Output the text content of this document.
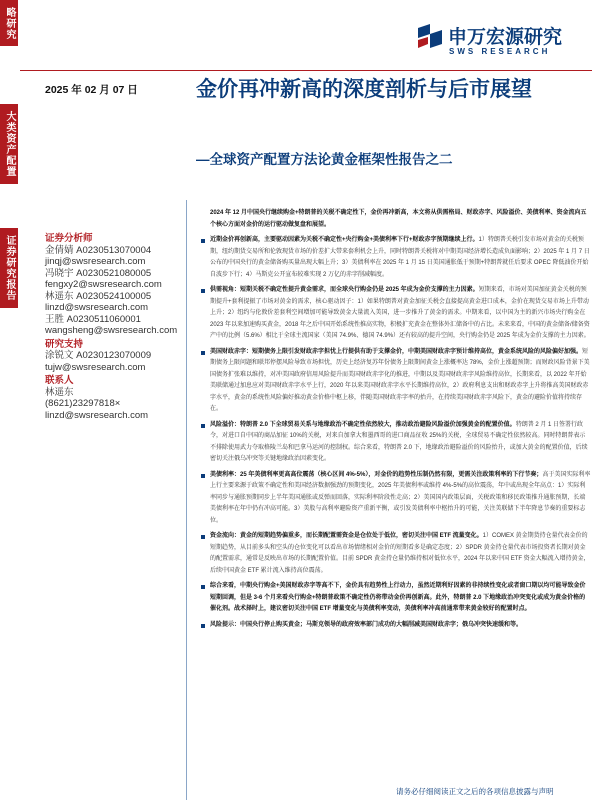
略研究
大类资产配置
证券研究报告
申万宏源研究
SWS RESEARCH
2025 年 02 月 07 日	金价再冲新高的深度剖析与后市展望
—全球资产配置方法论黄金框架性报告之二
证券分析师
金倩婧 A0230513070004
jinqj@swsresearch.com
冯晓宇 A0230521080005
fengxy2@swsresearch.com
林遥东 A0230524100005
linzd@swsresearch.com
王胜 A0230511060001
wangsheng@swsresearch.com
研究支持
涂锐文 A0230123070009
tujw@swsresearch.com
联系人
林遥东
(8621)23297818×
linzd@swsresearch.com

2024 年 12 月中国央行继续购金+特朗普的关税不确定性下，金价再冲新高，本文将从供需格局、财政赤字、风险溢价、美债利率、资金流向五个核心方面对金价的运行驱动做复盘和展望。

近期金价再创新高，主要驱动因素为关税不确定性+央行购金+美债利率下行+财政赤字预期继续上行。1）特朗普关税引发市场对黄金的关税预期，纽约期货交易所和伦敦现货市场的价差扩大带来套利机会上升，同时特朗普关税将对中期美国经济增长造成负面影响；2）2025 年 1 月 7 日公布的中国央行的黄金储备购买量出现大幅上升；3）美债利率在 2025 年 1 月 15 日美国通胀低于预期+特朗普就任后要求 OPEC 降低油价开始自波步下行；4）马斯克公开宣布较难实现 2 万亿的赤字削减幅度。

供需视角：短期关税不确定性提升黄金需求，而全球央行购金仍是 2025 年成为金价支撑的主力因素。短期来看，市场对美国加征黄金关税的预期提升+套利提振了市场对黄金的需求，核心驱动因子：1）如果特朗普对黄金加征关税会直接提高黄金进口成本，金价在现货交易市场上升带动上升；2）纽约与伦敦价差套利空间增加可能导致黄金大量流入美国，进一步推升了黄金的需求。中期来看，以中国为主的新兴市场央行购金在 2023 年以来加速购买黄金，2018 年之后中国开始系统性推高实物，积极扩充黄金在整体外汇储备中的占比。未来来看，中国的黄金储备/储备资产中的比例（5.6%）相比于全球主流国家（美国 74.9%、德国 74.9%）还有较高的提升空间，央行购金仍是 2025 年成为金价支撑的主力因素。

美国财政赤字：短期债务上限引发财政赤字担忧上行提供有助于支撑金价，中期美国财政赤字预计维持高位，黄金系统风险的风险偏好加强。短期债务上限问题和联邦停摆风险导致市场担忧，历史上经济复苏年份债务上限期间黄金上涨概率达 78%，金价上涨超预期；而财政风险背景下美国债务扩张难以维持，对冲美国政府信用风险提升而美国财政赤字化的推进，中期以及美国财政赤字风险维持高位，长期来看，以 2022 年开始美联储通过加息应对美国财政赤字水平上行，2020 年以来美国财政赤字水平长期维持高位，2）政府利息支出和财政赤字上升将推高美国财政赤字水平，黄金的系统性风险偏好推动黄金价格中枢上移，伴随美国财政赤字率的抬升，在持续美国财政赤字风险下，黄金的避险价值将持续存在。

风险溢价：特朗普 2.0 下全球贸易关系与地缘政治不确定性依然较大，推动政治避险风险溢价加强黄金的配置价值。特朗普 2 月 1 日签署行政令，对进口自中国的商品加征 10%的关税，对来自加拿大和墨西哥的进口商品征收 25%的关税，全球贸易不确定性依然较高。同时特朗普表示不排除使用武力夺取格陵兰岛和巴拿马运河的控制权。综合来看，特朗普 2.0 下，地缘政治避险溢价的风险抬升，或加大黄金的配置价值，后续密切关注俄乌冲突等关键地缘政治因素变化。

美债利率：25 年美债利率更高高位震荡（核心区间 4%-5%），对金价的趋势性压制仍然有限，更需关注政策利率的下行节奏；高于美国实际利率上行主要来源于政策不确定性和美国经济数据强劲的预期变化，2025 年美债利率或维持 4%-5%的高位震荡，年中或出现全年高点：1）实际利率同步与通胀预期同步上半年美国通胀或反弹而回落，实际利率阶段性走高；2）美国国内政策层面，关税政策和移民政策推升通胀预期，长端美债利率在年中仍有冲高可能。3）美股与高利率避险资产重新平衡，或引发美债利率中枢抬升的可能，关注美联储下半年降息节奏的重要标志位。

资金流向：黄金的短期趋势偏重多，而长期配置需资金是仓位处于低位，密切关注中国 ETF 流量变化。1）COMEX 黄金期货持仓量代表金价的短期趋势，从目前多头和空头的仓位变化可以看出市场情绪相对金价的短期看多是确定态度；2）SPDR 黄金持仓量代表市场投资者长期对黄金的配置需求，通常是反映出市场的长期配置价值。目前 SPDR 黄金持仓量仍维持相对低位水平，2024 年以来中国 ETF 资金大幅流入增持黄金，后续中国黄金 ETF 累计流入维持高位震荡。

综合来看，中期央行购金+美国财政赤字等高不下，金价具有趋势性上行动力，虽然近期利好因素的非持续性变化或者窗口期以均可能导致金价短期回调，但是 3-6 个月来看央行购金+特朗普政策不确定性仍将带动金价再创新高。此外，特朗普 2.0 下地缘政治冲突变化或成为黄金价格的催化剂。战术择时上，建议密切关注中国 ETF 增量变化与美债利率变动，美债利率冲高前通常带来黄金较好的配置时点。

风险提示：中国央行停止购买黄金；马斯克领导的政府效率部门成功的大幅削减美国财政赤字；俄乌冲突快速缓和等。

请务必仔细阅读正文之后的各项信息披露与声明
